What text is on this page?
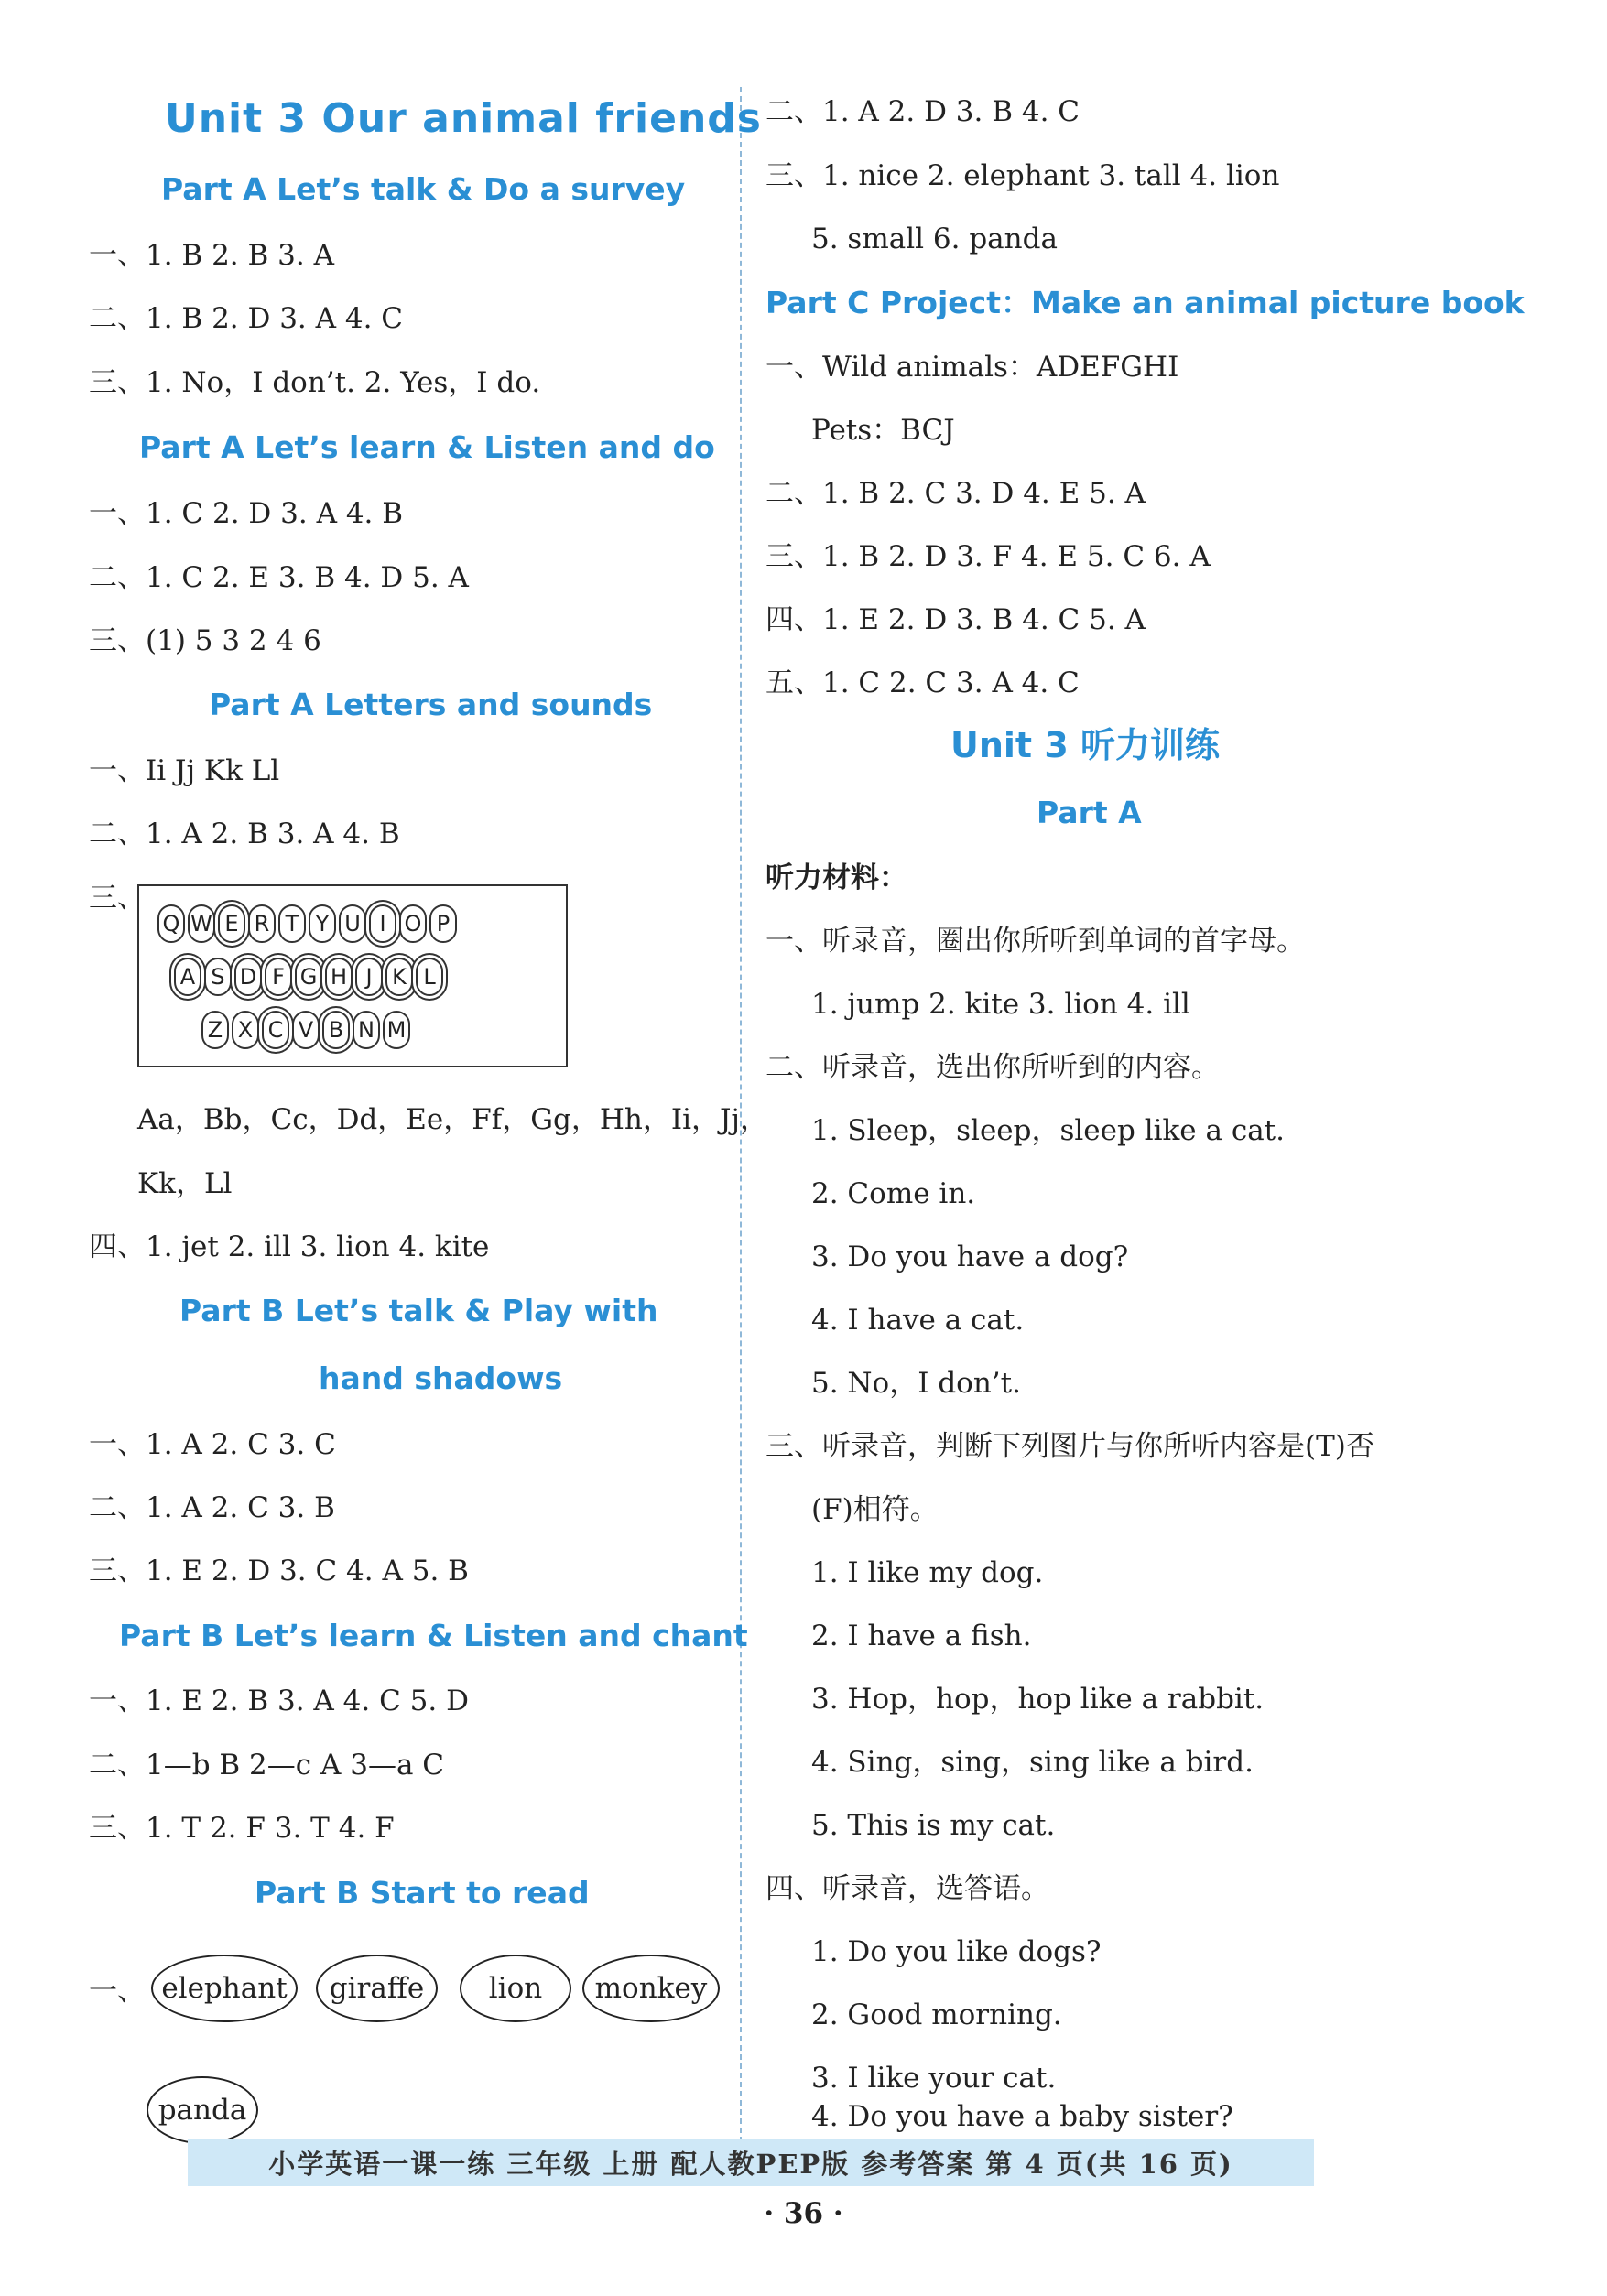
Unit 3 Our animal friends
Part A Let’s talk & Do a survey
一、1. B 2. B 3. A
二、1. B 2. D 3. A 4. C
三、1. No，I don’t. 2. Yes，I do.
Part A Let’s learn & Listen and do
一、1. C 2. D 3. A 4. B
二、1. C 2. E 3. B 4. D 5. A
三、(1) 5 3 2 4 6
Part A Letters and sounds
一、Ii Jj Kk Ll
二、1. A 2. B 3. A 4. B
三、
Q W E R T Y U I O P
A S D F G H J K L
Z X C V B N M
Aa，Bb，Cc，Dd，Ee，Ff，Gg，Hh，Ii，Jj，
Kk，Ll
四、1. jet 2. ill 3. lion 4. kite
Part B Let’s talk & Play with
hand shadows
一、1. A 2. C 3. C
二、1. A 2. C 3. B
三、1. E 2. D 3. C 4. A 5. B
Part B Let’s learn & Listen and chant
一、1. E 2. B 3. A 4. C 5. D
二、1—b B 2—c A 3—a C
三、1. T 2. F 3. T 4. F
Part B Start to read
一、 elephant	giraffe	lion	monkey
panda
二、1. A 2. D 3. B 4. C
三、1. nice 2. elephant 3. tall 4. lion
5. small 6. panda
Part C Project：Make an animal picture book
一、Wild animals：ADEFGHI
Pets：BCJ
二、1. B 2. C 3. D 4. E 5. A
三、1. B 2. D 3. F 4. E 5. C 6. A
四、1. E 2. D 3. B 4. C 5. A
五、1. C 2. C 3. A 4. C
Unit 3 听力训练
Part A
听力材料：
一、听录音，圈出你所听到单词的首字母。
1. jump 2. kite 3. lion 4. ill
二、听录音，选出你所听到的内容。
1. Sleep，sleep，sleep like a cat.
2. Come in.
3. Do you have a dog?
4. I have a cat.
5. No，I don’t.
三、听录音，判断下列图片与你所听内容是(T)否
(F)相符。
1. I like my dog.
2. I have a fish.
3. Hop，hop，hop like a rabbit.
4. Sing，sing，sing like a bird.
5. This is my cat.
四、听录音，选答语。
1. Do you like dogs?
2. Good morning.
3. I like your cat.
4. Do you have a baby sister?
小学英语一课一练 三年级 上册 配人教PEP版 参考答案 第 4 页(共 16 页)
· 36 ·
